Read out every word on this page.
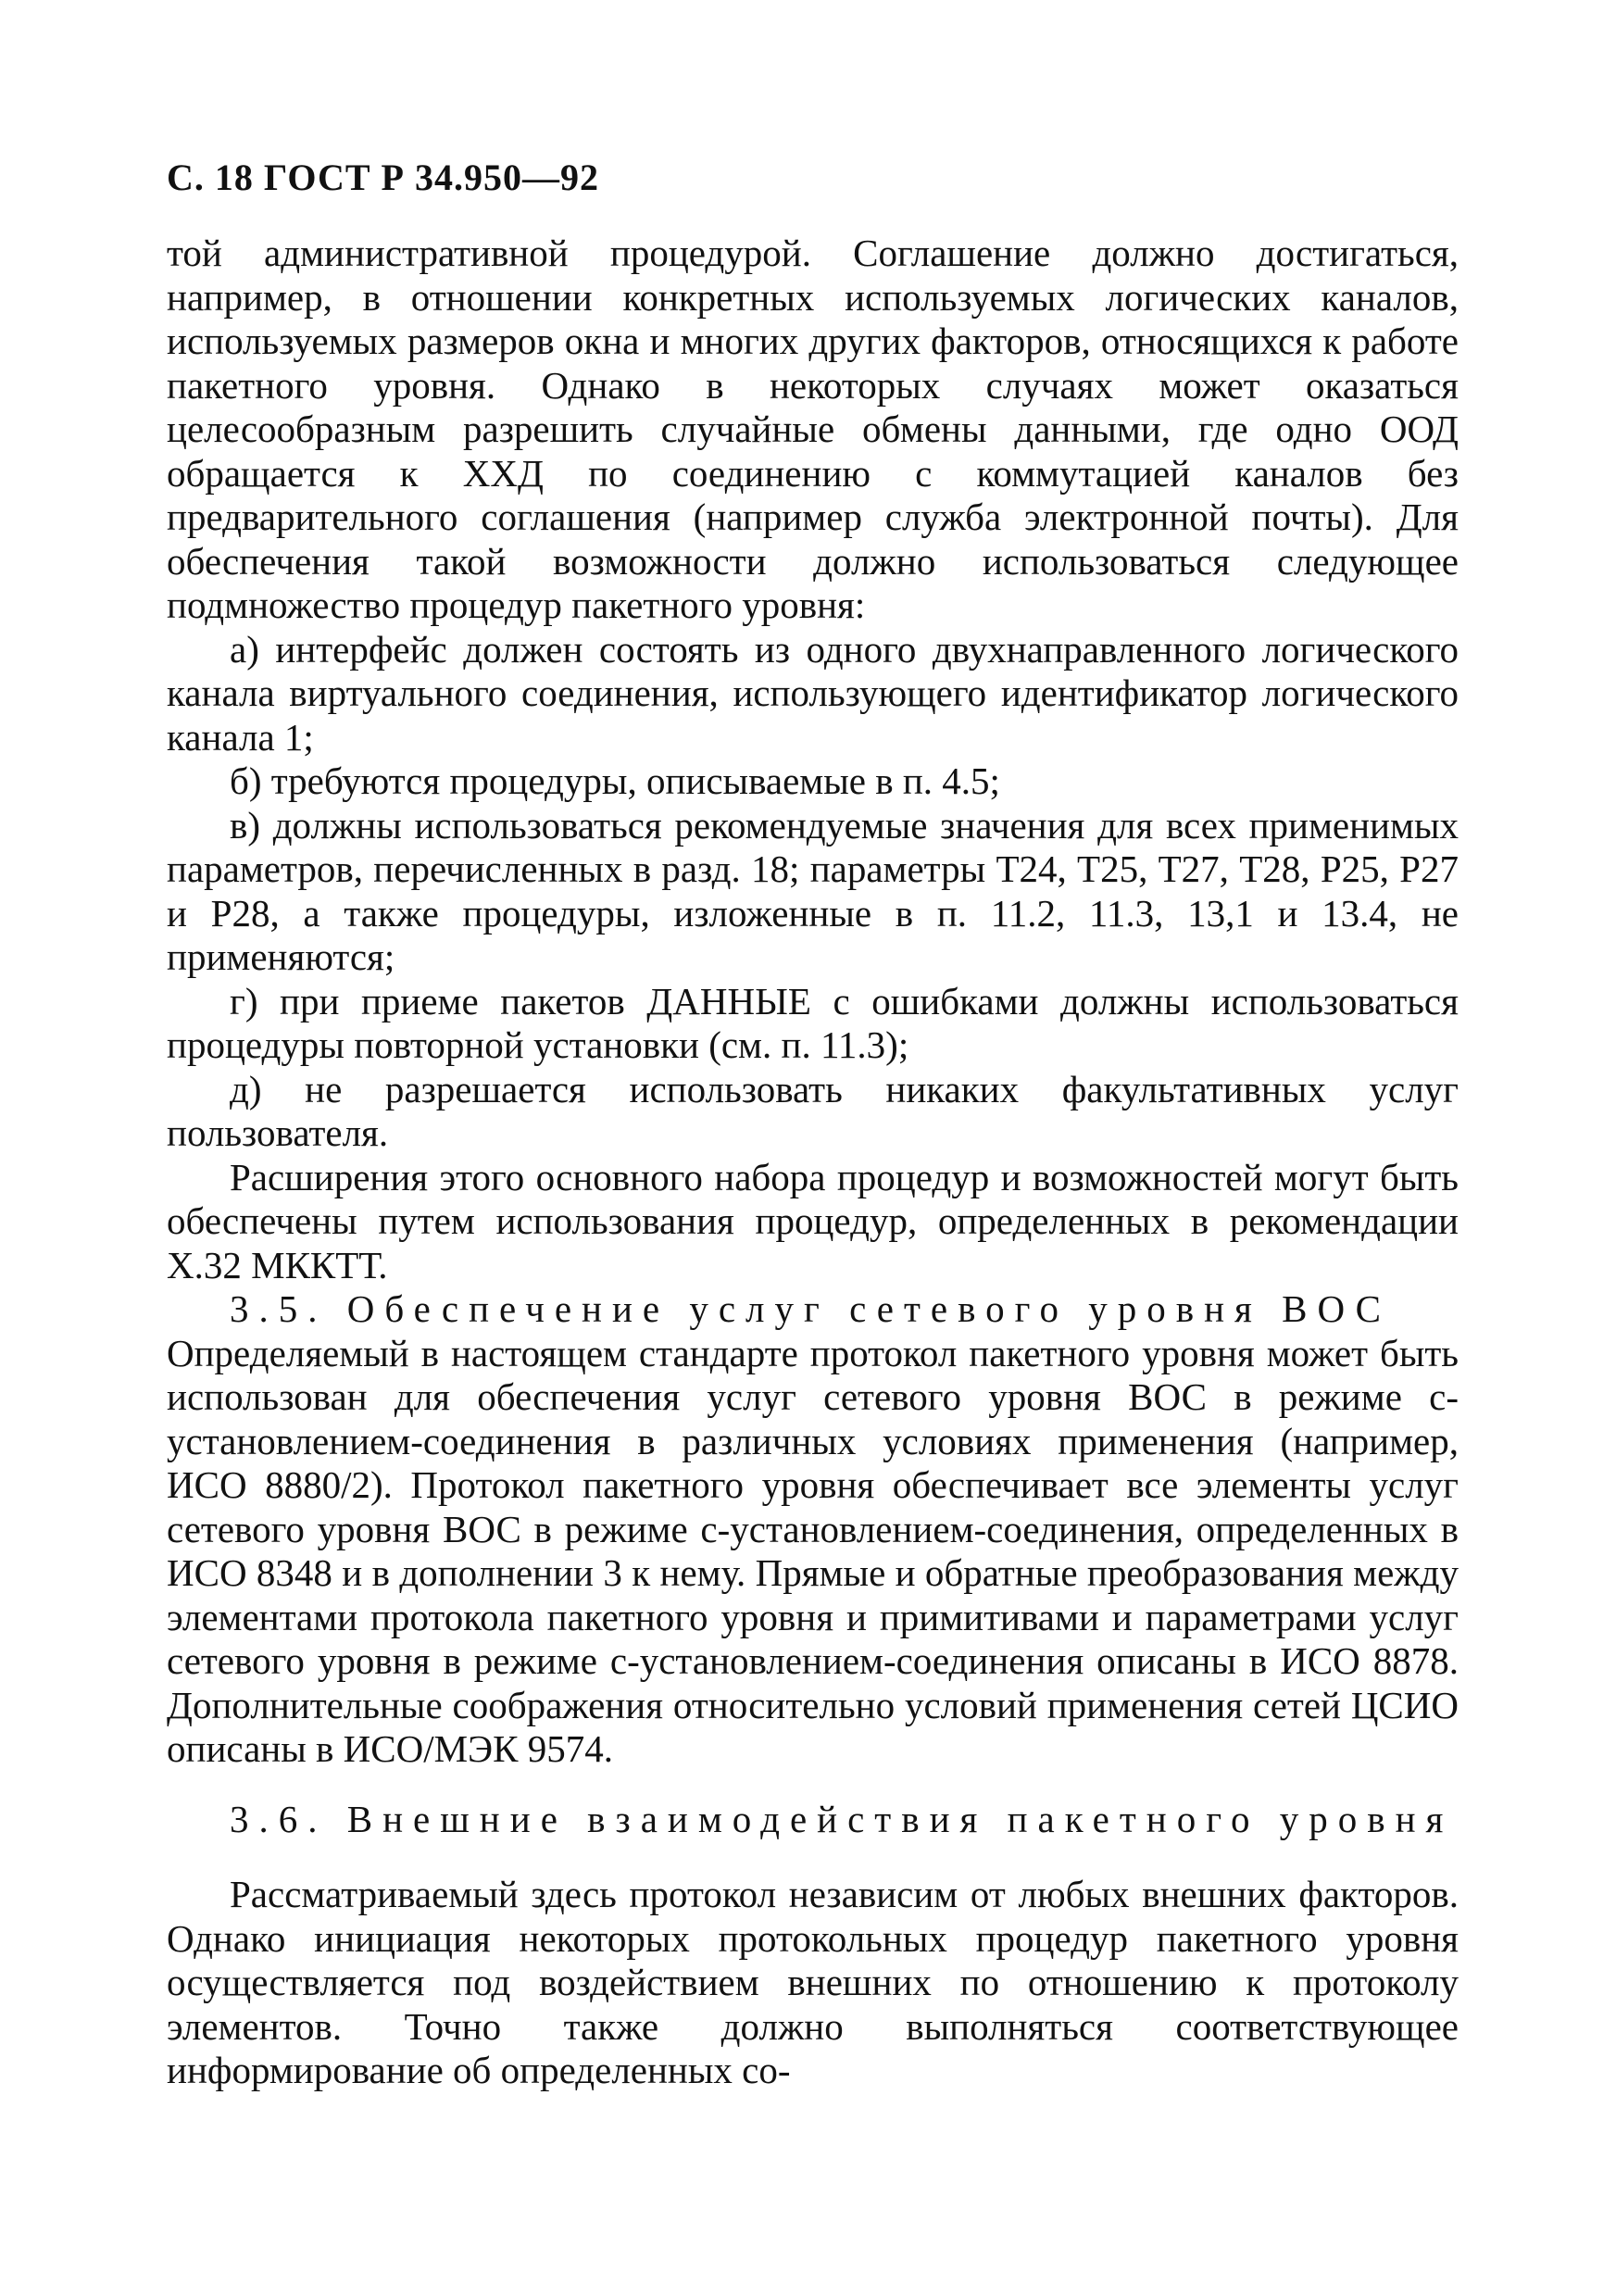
С. 18 ГОСТ Р 34.950—92

той административной процедурой. Соглашение должно достигаться, например, в отношении конкретных используемых логических каналов, используемых размеров окна и многих других факторов, относящихся к работе пакетного уровня. Однако в некоторых случаях может оказаться целесообразным разрешить случайные обмены данными, где одно ООД обращается к ХХД по соединению с коммутацией каналов без предварительного соглашения (например служба электронной почты). Для обеспечения такой возможности должно использоваться следующее подмножество процедур пакетного уровня:

а) интерфейс должен состоять из одного двухнаправленного логического канала виртуального соединения, использующего идентификатор логического канала 1;

б) требуются процедуры, описываемые в п. 4.5;

в) должны использоваться рекомендуемые значения для всех применимых параметров, перечисленных в разд. 18; параметры Т24, Т25, Т27, Т28, Р25, Р27 и Р28, а также процедуры, изложенные в п. 11.2, 11.3, 13,1 и 13.4, не применяются;

г) при приеме пакетов ДАННЫЕ с ошибками должны использоваться процедуры повторной установки (см. п. 11.3);

д) не разрешается использовать никаких факультативных услуг пользователя.

Расширения этого основного набора процедур и возможностей могут быть обеспечены путем использования процедур, определенных в рекомендации Х.32 МККТТ.

3.5. Обеспечение услуг сетевого уровня ВОС

Определяемый в настоящем стандарте протокол пакетного уровня может быть использован для обеспечения услуг сетевого уровня ВОС в режиме с-установлением-соединения в различных условиях применения (например, ИСО 8880/2). Протокол пакетного уровня обеспечивает все элементы услуг сетевого уровня ВОС в режиме с-установлением-соединения, определенных в ИСО 8348 и в дополнении 3 к нему. Прямые и обратные преобразования между элементами протокола пакетного уровня и примитивами и параметрами услуг сетевого уровня в режиме с-установлением-соединения описаны в ИСО 8878. Дополнительные соображения относительно условий применения сетей ЦСИО описаны в ИСО/МЭК 9574.

3.6. Внешние взаимодействия пакетного уровня

Рассматриваемый здесь протокол независим от любых внешних факторов. Однако инициация некоторых протокольных процедур пакетного уровня осуществляется под воздействием внешних по отношению к протоколу элементов. Точно также должно выполняться соответствующее информирование об определенных со-
